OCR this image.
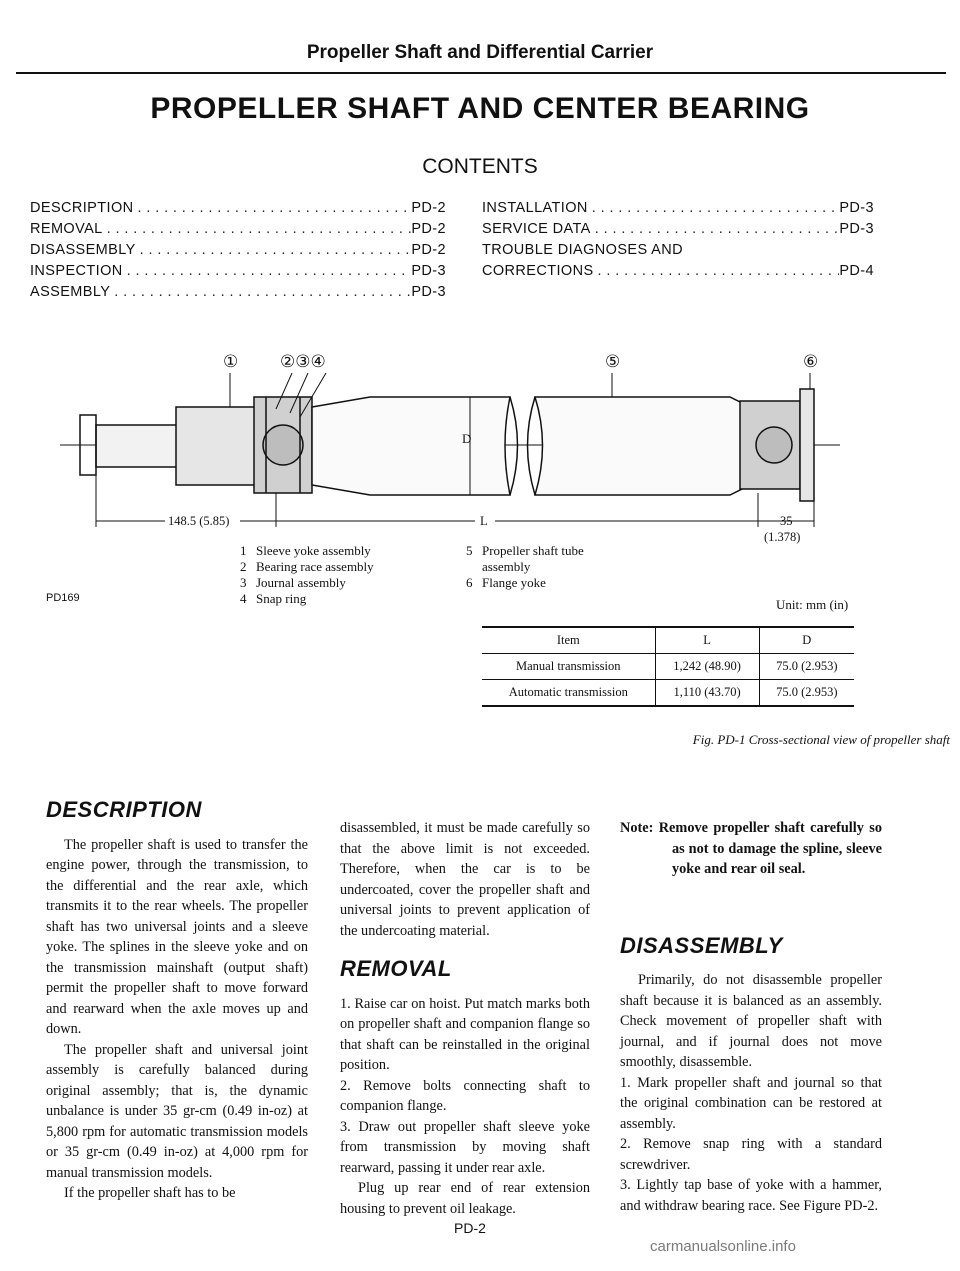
Propeller Shaft and Differential Carrier
PROPELLER SHAFT AND CENTER BEARING
CONTENTS
DESCRIPTION . . .	PD-2
REMOVAL . . .	PD-2
DISASSEMBLY . . .	PD-2
INSPECTION . . .	PD-3
ASSEMBLY . . .	PD-3
INSTALLATION . . .	PD-3
SERVICE DATA . . .	PD-3
TROUBLE DIAGNOSES AND
CORRECTIONS . . .	PD-4
① ②③④	⑤	⑥
D
148.5 (5.85)	L	35
(1.378)
1 Sleeve yoke assembly
2 Bearing race assembly
3 Journal assembly
4 Snap ring
5 Propeller shaft tube
assembly
6 Flange yoke
PD169	Unit: mm (in)
Item	L	D
Manual transmission	1,242 (48.90)	75.0 (2.953)
Automatic transmission	1,110 (43.70)	75.0 (2.953)
Fig. PD-1 Cross-sectional view of propeller shaft
DESCRIPTION

The propeller shaft is used to transfer the engine power, through the transmission, to the differential and the rear axle, which transmits it to the rear wheels. The propeller shaft has two universal joints and a sleeve yoke. The splines in the sleeve yoke and on the transmission mainshaft (output shaft) permit the propeller shaft to move forward and rearward when the axle moves up and down.

The propeller shaft and universal joint assembly is carefully balanced during original assembly; that is, the dynamic unbalance is under 35 gr-cm (0.49 in-oz) at 5,800 rpm for automatic transmission models or 35 gr-cm (0.49 in-oz) at 4,000 rpm for manual transmission models.

If the propeller shaft has to be

disassembled, it must be made carefully so that the above limit is not exceeded. Therefore, when the car is to be undercoated, cover the propeller shaft and universal joints to prevent application of the undercoating material.

REMOVAL

1. Raise car on hoist. Put match marks both on propeller shaft and companion flange so that shaft can be reinstalled in the original position.

2. Remove bolts connecting shaft to companion flange.

3. Draw out propeller shaft sleeve yoke from transmission by moving shaft rearward, passing it under rear axle.

Plug up rear end of rear extension housing to prevent oil leakage.

Note: Remove propeller shaft carefully so as not to damage the spline, sleeve yoke and rear oil seal.

DISASSEMBLY

Primarily, do not disassemble propeller shaft because it is balanced as an assembly. Check movement of propeller shaft with journal, and if journal does not move smoothly, disassemble.

1. Mark propeller shaft and journal so that the original combination can be restored at assembly.

2. Remove snap ring with a standard screwdriver.

3. Lightly tap base of yoke with a hammer, and withdraw bearing race. See Figure PD-2.

PD-2
carmanualsonline.info
